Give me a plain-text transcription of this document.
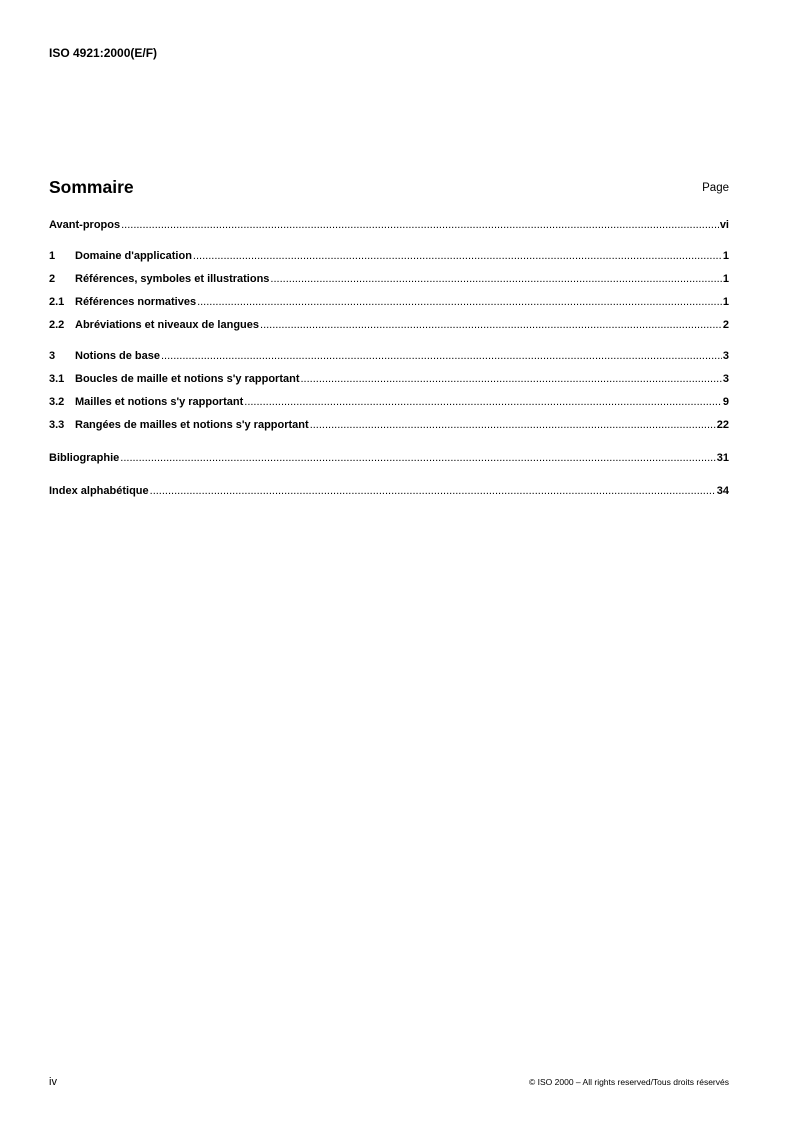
ISO 4921:2000(E/F)
Sommaire	Page
Avant-propos .....	vi
1	Domaine d'application .....	1
2	Références, symboles et illustrations .....	1
2.1 Références normatives .....	1
2.2 Abréviations et niveaux de langues .....	2
3	Notions de base .....	3
3.1 Boucles de maille et notions s'y rapportant .....	3
3.2 Mailles et notions s'y rapportant .....	9
3.3 Rangées de mailles et notions s'y rapportant .....	22
Bibliographie .....	31
Index alphabétique .....	34
iv	© ISO 2000 – All rights reserved/Tous droits réservés
